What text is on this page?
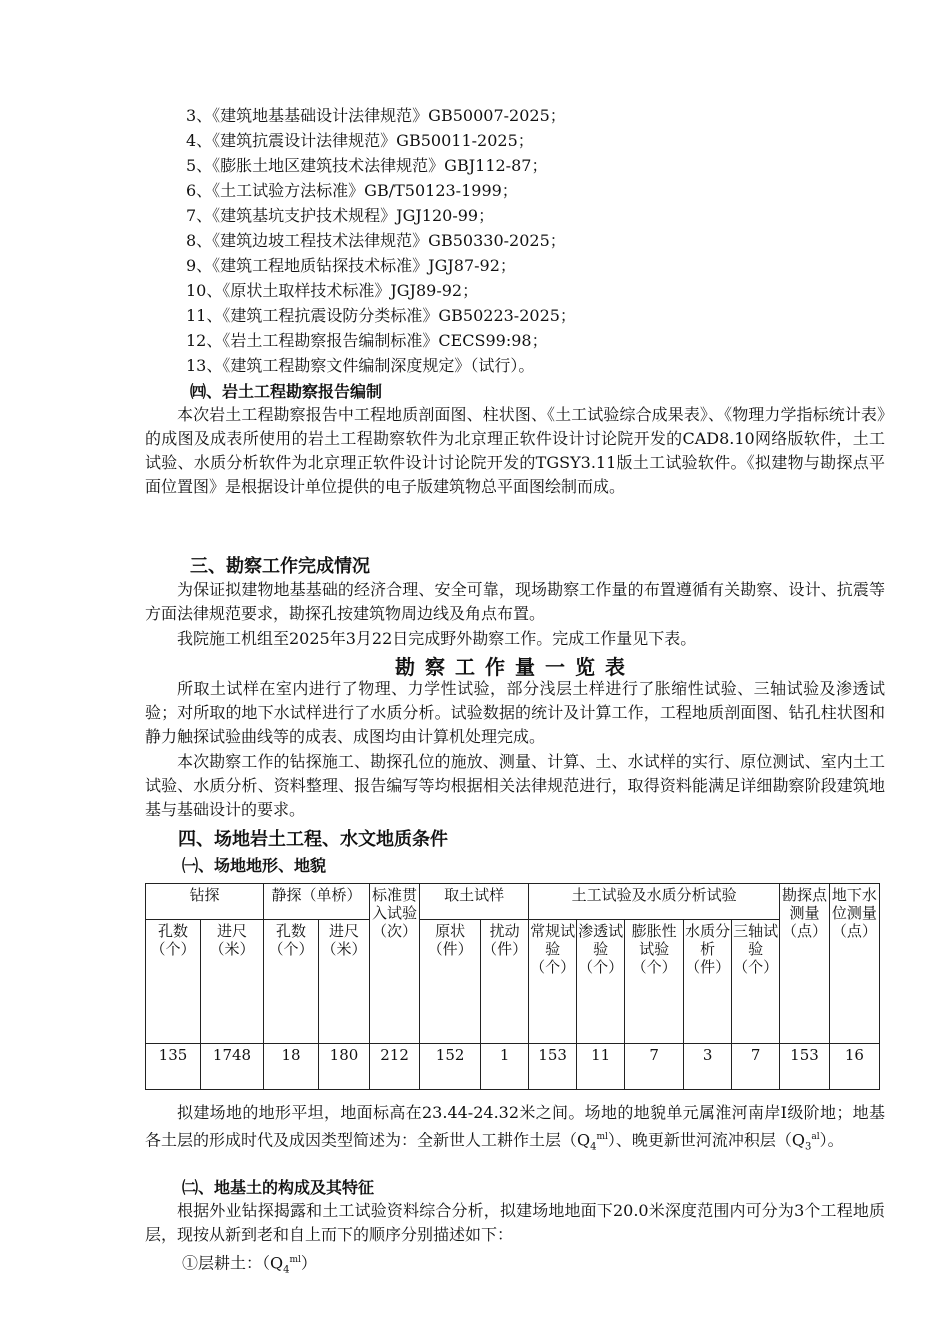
3、《建筑地基基础设计法律规范》GB50007-2025；
4、《建筑抗震设计法律规范》GB50011-2025；
5、《膨胀土地区建筑技术法律规范》GBJ112-87；
6、《土工试验方法标准》GB/T50123-1999；
7、《建筑基坑支护技术规程》JGJ120-99；
8、《建筑边坡工程技术法律规范》GB50330-2025；
9、《建筑工程地质钻探技术标准》JGJ87-92；
10、《原状土取样技术标准》JGJ89-92；
11、《建筑工程抗震设防分类标准》GB50223-2025；
12、《岩土工程勘察报告编制标准》CECS99:98；
13、《建筑工程勘察文件编制深度规定》（试行）。
㈣、岩土工程勘察报告编制
本次岩土工程勘察报告中工程地质剖面图、柱状图、《土工试验综合成果表》、《物理力学指标统计表》的成图及成表所使用的岩土工程勘察软件为北京理正软件设计讨论院开发的CAD8.10网络版软件，土工试验、水质分析软件为北京理正软件设计讨论院开发的TGSY3.11版土工试验软件。《拟建物与勘探点平面位置图》是根据设计单位提供的电子版建筑物总平面图绘制而成。
三、勘察工作完成情况
为保证拟建物地基基础的经济合理、安全可靠，现场勘察工作量的布置遵循有关勘察、设计、抗震等方面法律规范要求，勘探孔按建筑物周边线及角点布置。
我院施工机组至2025年3月22日完成野外勘察工作。完成工作量见下表。
勘察工作量一览表
所取土试样在室内进行了物理、力学性试验，部分浅层土样进行了胀缩性试验、三轴试验及渗透试验；对所取的地下水试样进行了水质分析。试验数据的统计及计算工作，工程地质剖面图、钻孔柱状图和静力触探试验曲线等的成表、成图均由计算机处理完成。
本次勘察工作的钻探施工、勘探孔位的施放、测量、计算、土、水试样的实行、原位测试、室内土工试验、水质分析、资料整理、报告编写等均根据相关法律规范进行，取得资料能满足详细勘察阶段建筑地基与基础设计的要求。
四、场地岩土工程、水文地质条件
㈠、场地地形、地貌
钻探		静探（单桥）		标准贯入试验（次）	取土试样		土工试验及水质分析试验					勘探点测量（点）	地下水位测量（点）
孔数（个）	进尺（米）	孔数（个）	进尺（米）		原状（件）	扰动（件）	常规试验（个）	渗透试验（个）	膨胀性试验（个）	水质分析（件）	三轴试验（个）		
135	1748	18	180	212	152	1	153	11	7	3	7	153	16
拟建场地的地形平坦，地面标高在23.44-24.32米之间。场地的地貌单元属淮河南岸Ⅰ级阶地；地基各土层的形成时代及成因类型简述为：全新世人工耕作土层$(Q_4^{ml})$、晚更新世河流冲积层$(Q_3^{al})$。
㈡、地基土的构成及其特征
根据外业钻探揭露和土工试验资料综合分析，拟建场地地面下20.0米深度范围内可分为3个工程地质层，现按从新到老和自上而下的顺序分别描述如下：
①层耕土：$(Q_4^{ml})$
